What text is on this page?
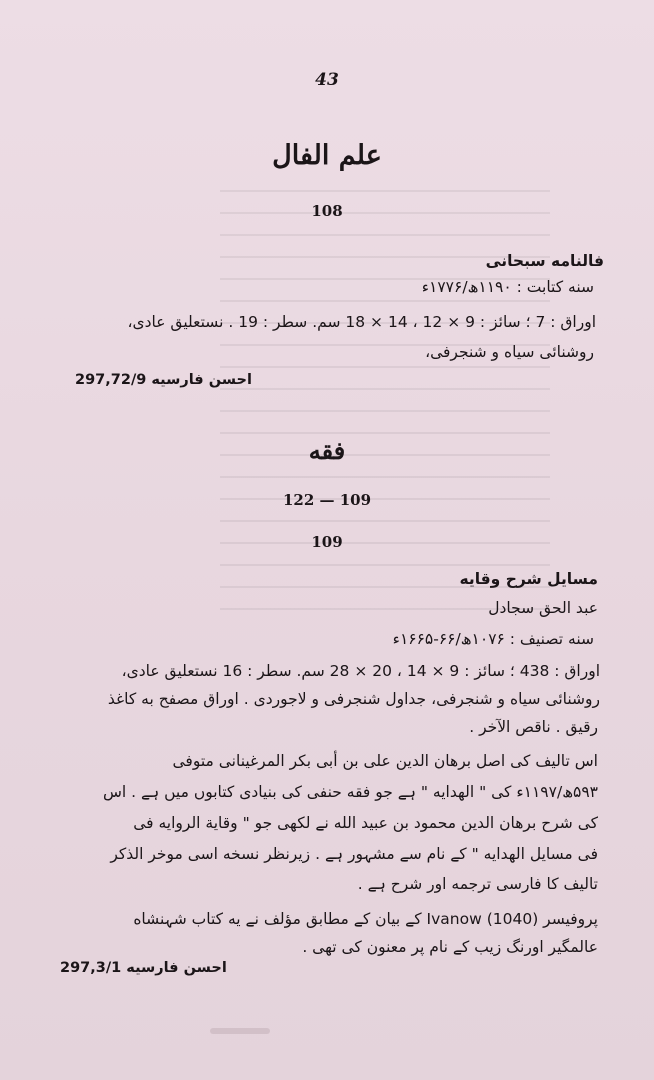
43
علم الفال
108
فالنامه سبحانی
سنه کتابت : ۱۱۹۰ھ/۱۷۷۶ء
اوراق : 7 ؛ سائز : 9 × 12 ، 14 × 18 سم. سطر : 19 . نستعلیق عادی،
روشنائی سیاه و شنجرفی،
احسن فارسیه 297,72/9
فقه
122 — 109
109
مسایل شرح وقایه
عبد الحق سجادل
سنه تصنیف : ۱۰۷۶ھ/۶۶-۱۶۶۵ء
اوراق : 438 ؛ سائز : 9 × 14 ، 20 × 28 سم. سطر : 16 نستعلیق عادی،
روشنائی سیاه و شنجرفی، جداول شنجرفی و لاجوردی . اوراق مصفح به کاغذ
رقیق . ناقص الآخر .
اس تالیف کی اصل برهان الدین علی بن أبی بکر المرغینانی متوفی
۵۹۳ھ/۱۱۹۷ء کی " الهدایه " ہے جو فقه حنفی کی بنیادی کتابوں میں ہے . اس
کی شرح برهان الدین محمود بن عبید الله نے لکھی جو " وقایة الروایه فی
فی مسایل الهدایه " کے نام سے مشہور ہے . زیرنظر نسخه اسی موخر الذکر
تالیف کا فارسی ترجمه اور شرح ہے .
پروفیسر Ivanow (1040) کے بیان کے مطابق مؤلف نے یه کتاب شہنشاه
عالمگیر اورنگ زیب کے نام پر معنون کی تھی .
احسن فارسیه 297,3/1
